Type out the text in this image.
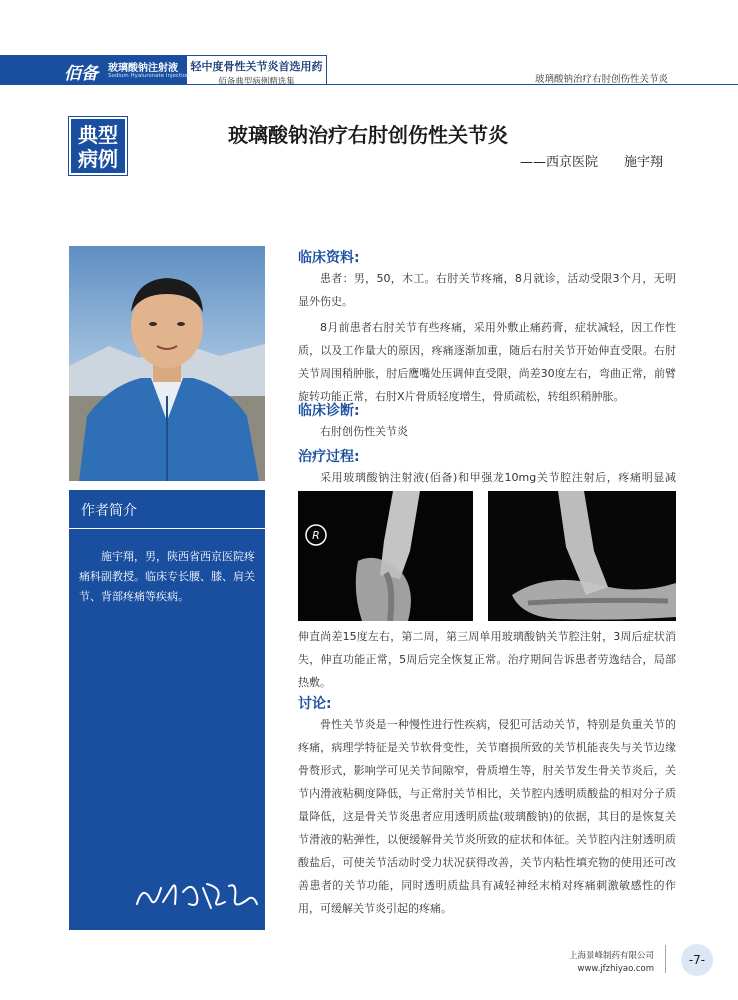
佰备 玻璃酸钠注射液
Sodium Hyaluronate Injection
轻中度骨性关节炎首选用药
佰备典型病例精选集	玻璃酸钠治疗右肘创伤性关节炎
典型
病例
玻璃酸钠治疗右肘创伤性关节炎
——西京医院 施宇翔
作者简介

施宇翔，男，陕西省西京医院疼痛科副教授。临床专长腰、膝、肩关节、背部疼痛等疾病。

临床资料:

患者：男，50，木工。右肘关节疼痛，8月就诊，活动受限3个月，无明显外伤史。

8月前患者右肘关节有些疼痛，采用外敷止痛药膏，症状减轻，因工作性质，以及工作量大的原因，疼痛逐渐加重，随后右肘关节开始伸直受限。右肘关节周围稍肿胀，肘后鹰嘴处压调伸直受限，尚差30度左右，弯曲正常，前臂旋转功能正常，右肘X片骨质轻度增生，骨质疏松，转组织稍肿胀。

临床诊断:

右肘创伤性关节炎

治疗过程:

采用玻璃酸钠注射液(佰备)和甲强龙10mg关节腔注射后，疼痛明显减

R

伸直尚差15度左右，第二周，第三周单用玻璃酸钠关节腔注射，3周后症状消失，伸直功能正常，5周后完全恢复正常。治疗期间告诉患者劳逸结合，局部热敷。

讨论:

骨性关节炎是一种慢性进行性疾病，侵犯可活动关节，特别是负重关节的疼痛，病理学特征是关节软骨变性，关节磨损所致的关节机能丧失与关节边缘骨赘形式，影响学可见关节间隙窄，骨质增生等，肘关节发生骨关节炎后，关节内滑液粘稠度降低，与正常肘关节相比，关节腔内透明质酸盐的相对分子质量降低，这是骨关节炎患者应用透明质盐(玻璃酸钠)的依据，其目的是恢复关节滑液的粘弹性，以便缓解骨关节炎所致的症状和体征。关节腔内注射透明质酸盐后，可使关节活动时受力状况获得改善，关节内粘性填充物的使用还可改善患者的关节功能，同时透明质盐具有减轻神经末梢对疼痛刺激敏感性的作用，可缓解关节炎引起的疼痛。

上海景峰制药有限公司
www.jfzhiyao.com
-7-
